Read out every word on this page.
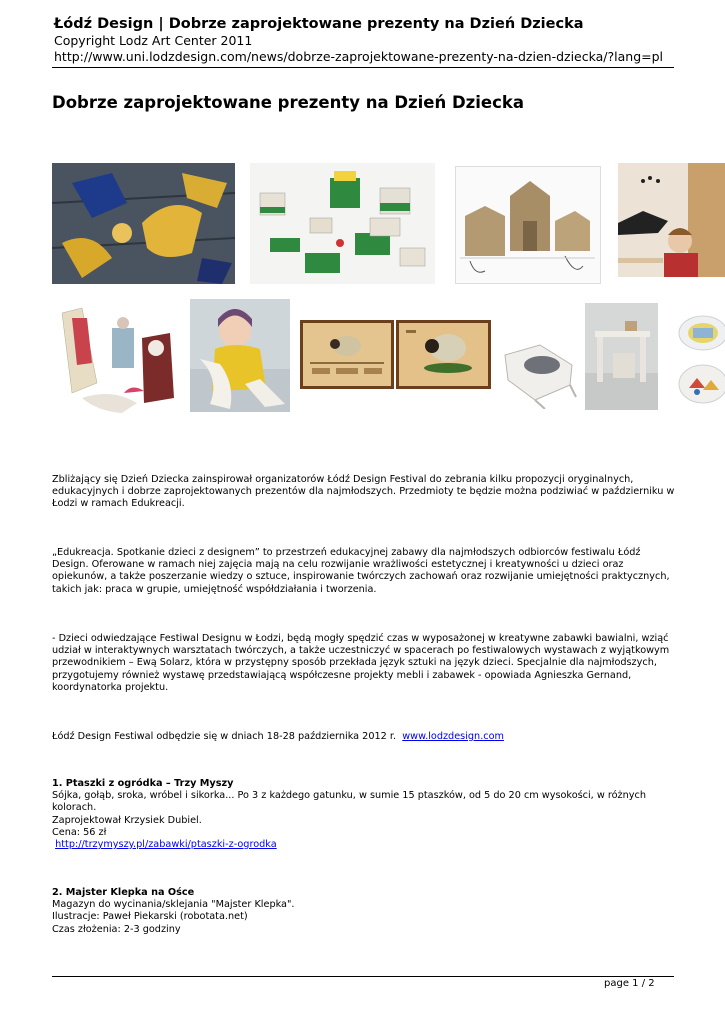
Łódź Design | Dobrze zaprojektowane prezenty na Dzień Dziecka
Copyright Lodz Art Center 2011
http://www.uni.lodzdesign.com/news/dobrze-zaprojektowane-prezenty-na-dzien-dziecka/?lang=pl
Dobrze zaprojektowane prezenty na Dzień Dziecka

Zbliżający się Dzień Dziecka zainspirował organizatorów Łódź Design Festival do zebrania kilku propozycji oryginalnych, edukacyjnych i dobrze zaprojektowanych prezentów dla najmłodszych. Przedmioty te będzie można podziwiać w październiku w Łodzi w ramach Edukreacji.

„Edukreacja. Spotkanie dzieci z designem” to przestrzeń edukacyjnej zabawy dla najmłodszych odbiorców festiwalu Łódź Design. Oferowane w ramach niej zajęcia mają na celu rozwijanie wrażliwości estetycznej i kreatywności u dzieci oraz opiekunów, a także poszerzanie wiedzy o sztuce, inspirowanie twórczych zachowań oraz rozwijanie umiejętności praktycznych, takich jak: praca w grupie, umiejętność współdziałania i tworzenia.

- Dzieci odwiedzające Festiwal Designu w Łodzi, będą mogły spędzić czas w wyposażonej w kreatywne zabawki bawialni, wziąć udział w interaktywnych warsztatach twórczych, a także uczestniczyć w spacerach po festiwalowych wystawach z wyjątkowym przewodnikiem – Ewą Solarz, która w przystępny sposób przekłada język sztuki na język dzieci. Specjalnie dla najmłodszych, przygotujemy również wystawę przedstawiającą współczesne projekty mebli i zabawek - opowiada Agnieszka Gernand, koordynatorka projektu.

Łódź Design Festiwal odbędzie się w dniach 18-28 października 2012 r. www.lodzdesign.com

1. Ptaszki z ogródka – Trzy Myszy
Sójka, gołąb, sroka, wróbel i sikorka... Po 3 z każdego gatunku, w sumie 15 ptaszków, od 5 do 20 cm wysokości, w różnych kolorach.
Zaprojektował Krzysiek Dubiel.
Cena: 56 zł
http://trzymyszy.pl/zabawki/ptaszki-z-ogrodka
2. Majster Klepka na Ośce
Magazyn do wycinania/sklejania "Majster Klepka".
Ilustracje: Paweł Piekarski (robotata.net)
Czas złożenia: 2-3 godziny
page 1 / 2
